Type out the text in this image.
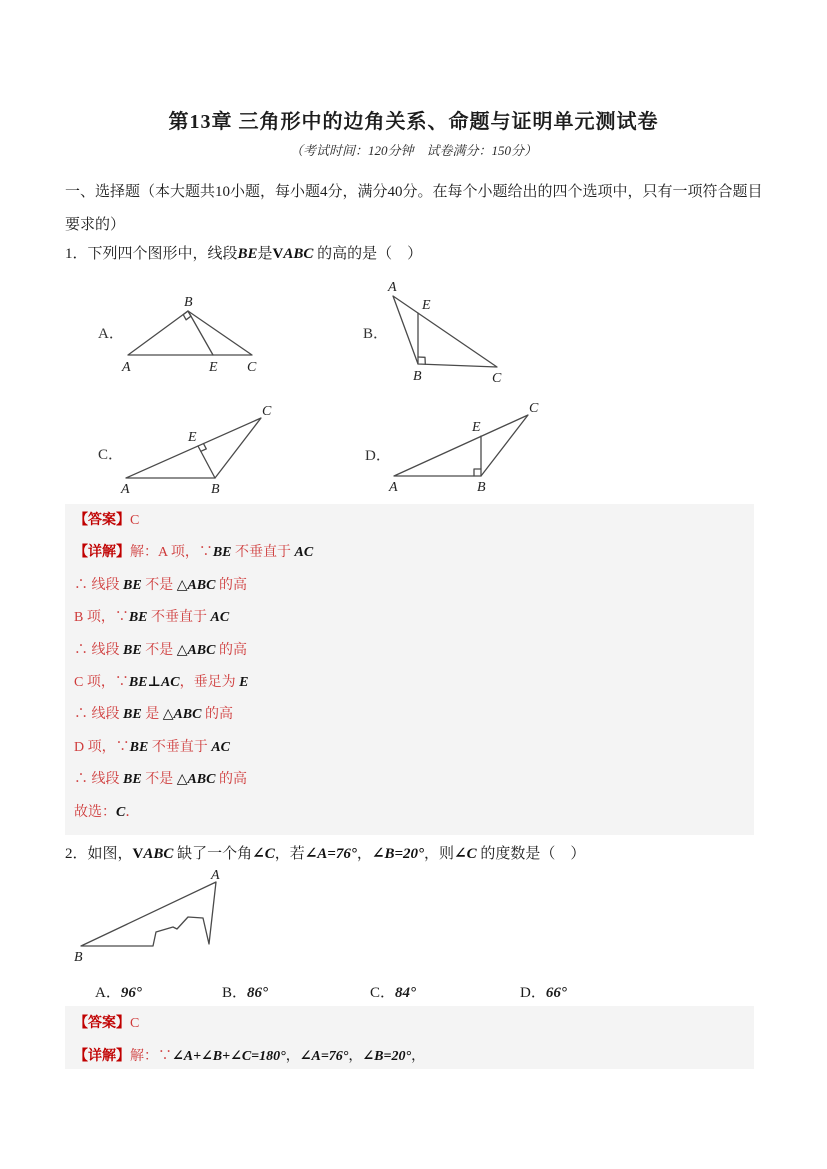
第13章 三角形中的边角关系、命题与证明单元测试卷
（考试时间：120分钟　试卷满分：150分）
一、选择题（本大题共10小题，每小题4分，满分40分。在每个小题给出的四个选项中，只有一项符合题目要求的）
1．下列四个图形中，线段BE是VABC 的高的是（　）
A．
B
A	E C
B．
A
E
B	C
C．
C
E
A	B
D．
C
E
A	B
【答案】C
【详解】解：A 项，∵BE 不垂直于 AC
∴ 线段 BE 不是 △ABC 的高
B 项，∵BE 不垂直于 AC
∴ 线段 BE 不是 △ABC 的高
C 项，∵BE⊥AC，垂足为 E
∴ 线段 BE 是 △ABC 的高
D 项，∵BE 不垂直于 AC
∴ 线段 BE 不是 △ABC 的高
故选：C．
2．如图，VABC 缺了一个角∠C，若∠A=76°，∠B=20°，则∠C 的度数是（　）
A
B
A．96°	B．86°	C．84°	D．66°
【答案】C
【详解】解：∵∠A+∠B+∠C=180°，∠A=76°，∠B=20°，
